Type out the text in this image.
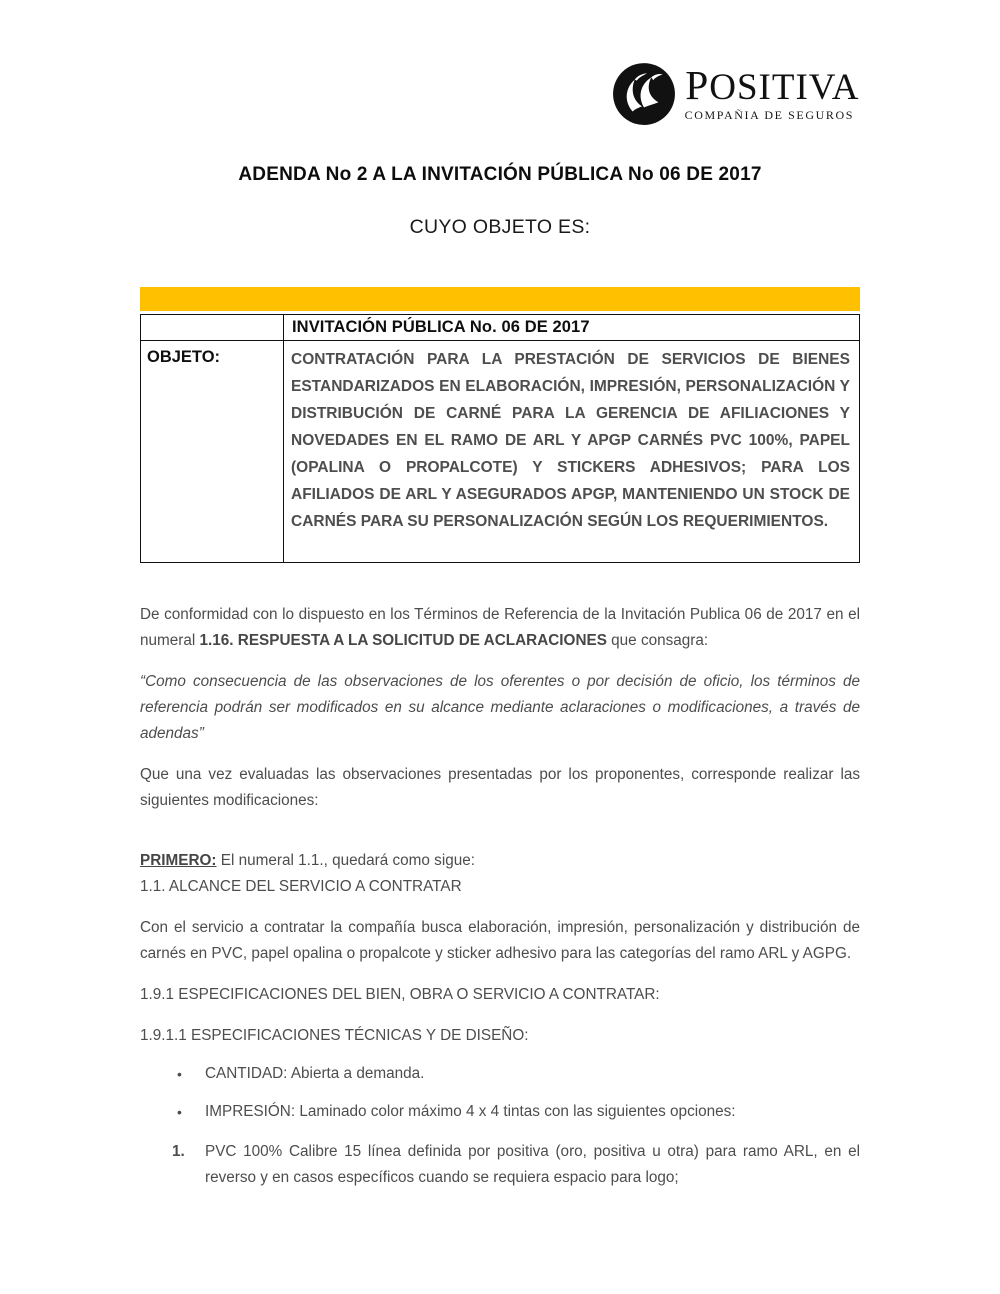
POSITIVA
COMPAÑIA DE SEGUROS
ADENDA No 2 A LA INVITACIÓN PÚBLICA No 06 DE 2017
CUYO OBJETO ES:
	INVITACIÓN PÚBLICA No. 06 DE 2017
OBJETO:	CONTRATACIÓN PARA LA PRESTACIÓN DE SERVICIOS DE BIENES ESTANDARIZADOS EN ELABORACIÓN, IMPRESIÓN, PERSONALIZACIÓN Y DISTRIBUCIÓN DE CARNÉ PARA LA GERENCIA DE AFILIACIONES Y NOVEDADES EN EL RAMO DE ARL Y APGP CARNÉS PVC 100%, PAPEL (OPALINA O PROPALCOTE) Y STICKERS ADHESIVOS; PARA LOS AFILIADOS DE ARL Y ASEGURADOS APGP, MANTENIENDO UN STOCK DE CARNÉS PARA SU PERSONALIZACIÓN SEGÚN LOS REQUERIMIENTOS.

De conformidad con lo dispuesto en los Términos de Referencia de la Invitación Publica 06 de 2017 en el numeral 1.16. RESPUESTA A LA SOLICITUD DE ACLARACIONES que consagra:

“Como consecuencia de las observaciones de los oferentes o por decisión de oficio, los términos de referencia podrán ser modificados en su alcance mediante aclaraciones o modificaciones, a través de adendas”

Que una vez evaluadas las observaciones presentadas por los proponentes, corresponde realizar las siguientes modificaciones:

PRIMERO: El numeral 1.1., quedará como sigue:
1.1. ALCANCE DEL SERVICIO A CONTRATAR

Con el servicio a contratar la compañía busca elaboración, impresión, personalización y distribución de carnés en PVC, papel opalina o propalcote y sticker adhesivo para las categorías del ramo ARL y AGPG.

1.9.1 ESPECIFICACIONES DEL BIEN, OBRA O SERVICIO A CONTRATAR:

1.9.1.1 ESPECIFICACIONES TÉCNICAS Y DE DISEÑO:

• CANTIDAD: Abierta a demanda.
• IMPRESIÓN: Laminado color máximo 4 x 4 tintas con las siguientes opciones:
1. PVC 100% Calibre 15 línea definida por positiva (oro, positiva u otra) para ramo ARL, en el reverso y en casos específicos cuando se requiera espacio para logo;
